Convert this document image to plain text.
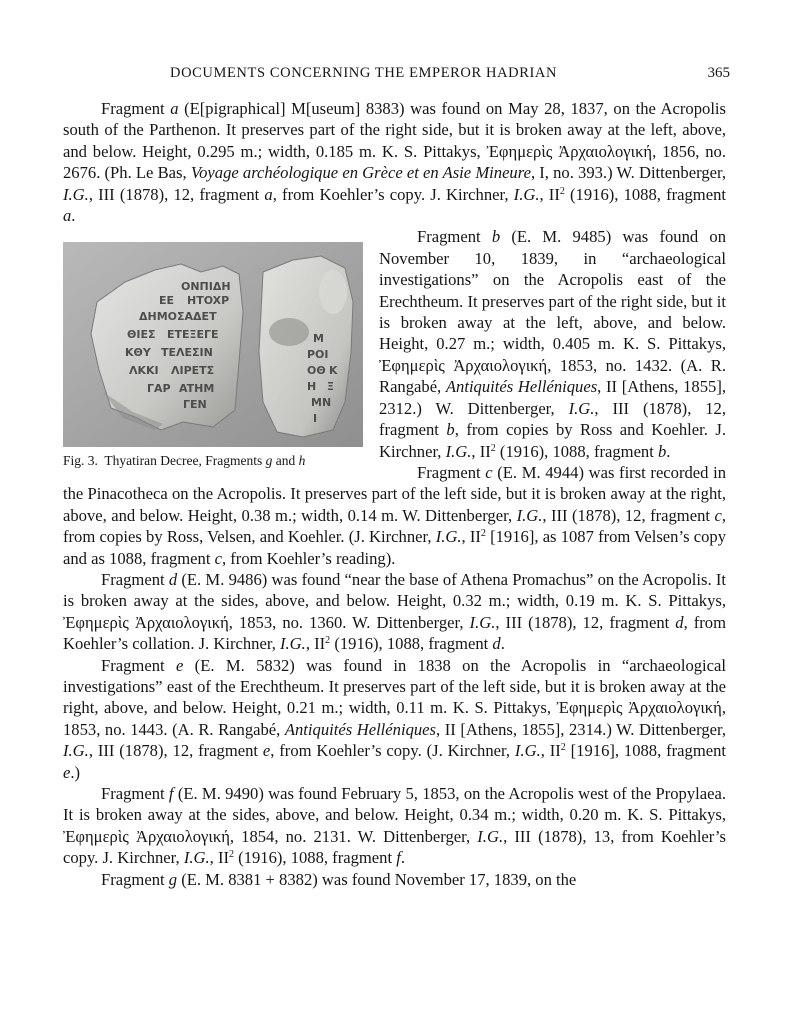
DOCUMENTS CONCERNING THE EMPEROR HADRIAN	365

Fragment a (E[pigraphical] M[useum] 8383) was found on May 28, 1837, on the Acropolis south of the Parthenon. It preserves part of the right side, but it is broken away at the left, above, and below. Height, 0.295 m.; width, 0.185 m. K. S. Pittakys, Ἐφημερὶς Ἀρχαιολογική, 1856, no. 2676. (Ph. Le Bas, Voyage archéologique en Grèce et en Asie Mineure, I, no. 393.) W. Dittenberger, I.G., III (1878), 12, fragment a, from Koehler’s copy. J. Kirchner, I.G., $II^2$ (1916), 1088, fragment a.

ONΠIΔH
EE HTOXP
ΔHMOΣΑΔEΤ
ΘIEΣ EΤEΞEΓE
KΘΥ TEΛΕΣIN
ΛKKI ΛIPETΣ
ΓAP ATHM
ΓEN
M
ΡΟΙ
ΟΘ K
H Ξ
MN
Ι
Fig. 3. Thyatiran Decree, Fragments g and h

Fragment b (E. M. 9485) was found on November 10, 1839, in “archaeological investigations” on the Acropolis east of the Erechtheum. It preserves part of the right side, but it is broken away at the left, above, and below. Height, 0.27 m.; width, 0.405 m. K. S. Pittakys, Ἐφημερὶς Ἀρχαιολογική, 1853, no. 1432. (A. R. Rangabé, Antiquités Helléniques, II [Athens, 1855], 2312.) W. Dittenberger, I.G., III (1878), 12, fragment b, from copies by Ross and Koehler. J. Kirchner, I.G., $II^2$ (1916), 1088, fragment b.

Fragment c (E. M. 4944) was first recorded in the Pinacotheca on the Acropolis. It preserves part of the left side, but it is broken away at the right, above, and below. Height, 0.38 m.; width, 0.14 m. W. Dittenberger, I.G., III (1878), 12, fragment c, from copies by Ross, Velsen, and Koehler. (J. Kirchner, I.G., $II^2$ [1916], as 1087 from Velsen’s copy and as 1088, fragment c, from Koehler’s reading).

Fragment d (E. M. 9486) was found “near the base of Athena Promachus” on the Acropolis. It is broken away at the sides, above, and below. Height, 0.32 m.; width, 0.19 m. K. S. Pittakys, Ἐφημερὶς Ἀρχαιολογική, 1853, no. 1360. W. Dittenberger, I.G., III (1878), 12, fragment d, from Koehler’s collation. J. Kirchner, I.G., $II^2$ (1916), 1088, fragment d.

Fragment e (E. M. 5832) was found in 1838 on the Acropolis in “archaeological investigations” east of the Erechtheum. It preserves part of the left side, but it is broken away at the right, above, and below. Height, 0.21 m.; width, 0.11 m. K. S. Pittakys, Ἐφημερὶς Ἀρχαιολογική, 1853, no. 1443. (A. R. Rangabé, Antiquités Helléniques, II [Athens, 1855], 2314.) W. Dittenberger, I.G., III (1878), 12, fragment e, from Koehler’s copy. (J. Kirchner, I.G., $II^2$ [1916], 1088, fragment e.)

Fragment f (E. M. 9490) was found February 5, 1853, on the Acropolis west of the Propylaea. It is broken away at the sides, above, and below. Height, 0.34 m.; width, 0.20 m. K. S. Pittakys, Ἐφημερὶς Ἀρχαιολογική, 1854, no. 2131. W. Dittenberger, I.G., III (1878), 13, from Koehler’s copy. J. Kirchner, I.G., $II^2$ (1916), 1088, fragment f.

Fragment g (E. M. 8381 + 8382) was found November 17, 1839, on the
